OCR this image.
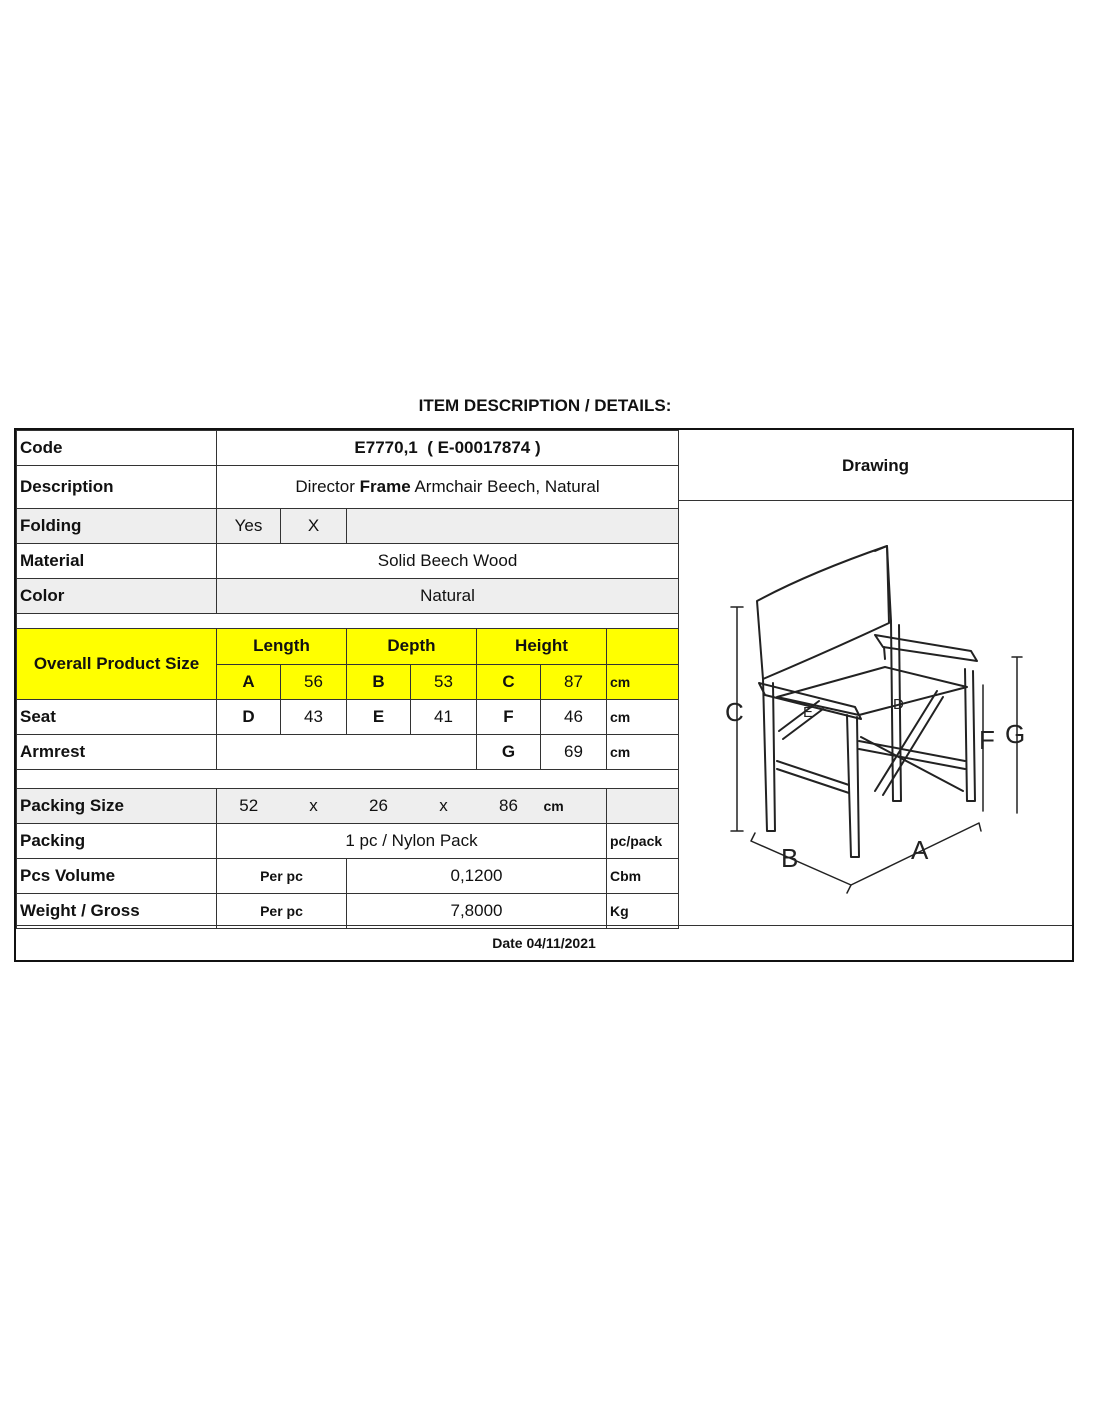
ITEM DESCRIPTION / DETAILS:
Code	E7770,1  ( E-00017874 )						
Description	Director Frame Armchair Beech, Natural						
Folding	Yes	X					
Material	Solid Beech Wood						
Color	Natural						

Overall Product Size	Length		Depth		Height		
	A	56	B	53	C	87	cm
Seat	D	43	E	41	F	46	cm
Armrest					G	69	cm

Packing Size	52	x	26	x	86	cm	
Packing	1 pc / Nylon Pack						pc/pack
Pcs Volume	Per pc		0,1200				Cbm
Weight / Gross	Per pc		7,8000				Kg
Drawing
C
F G
B	A
D
E
Date 04/11/2021
